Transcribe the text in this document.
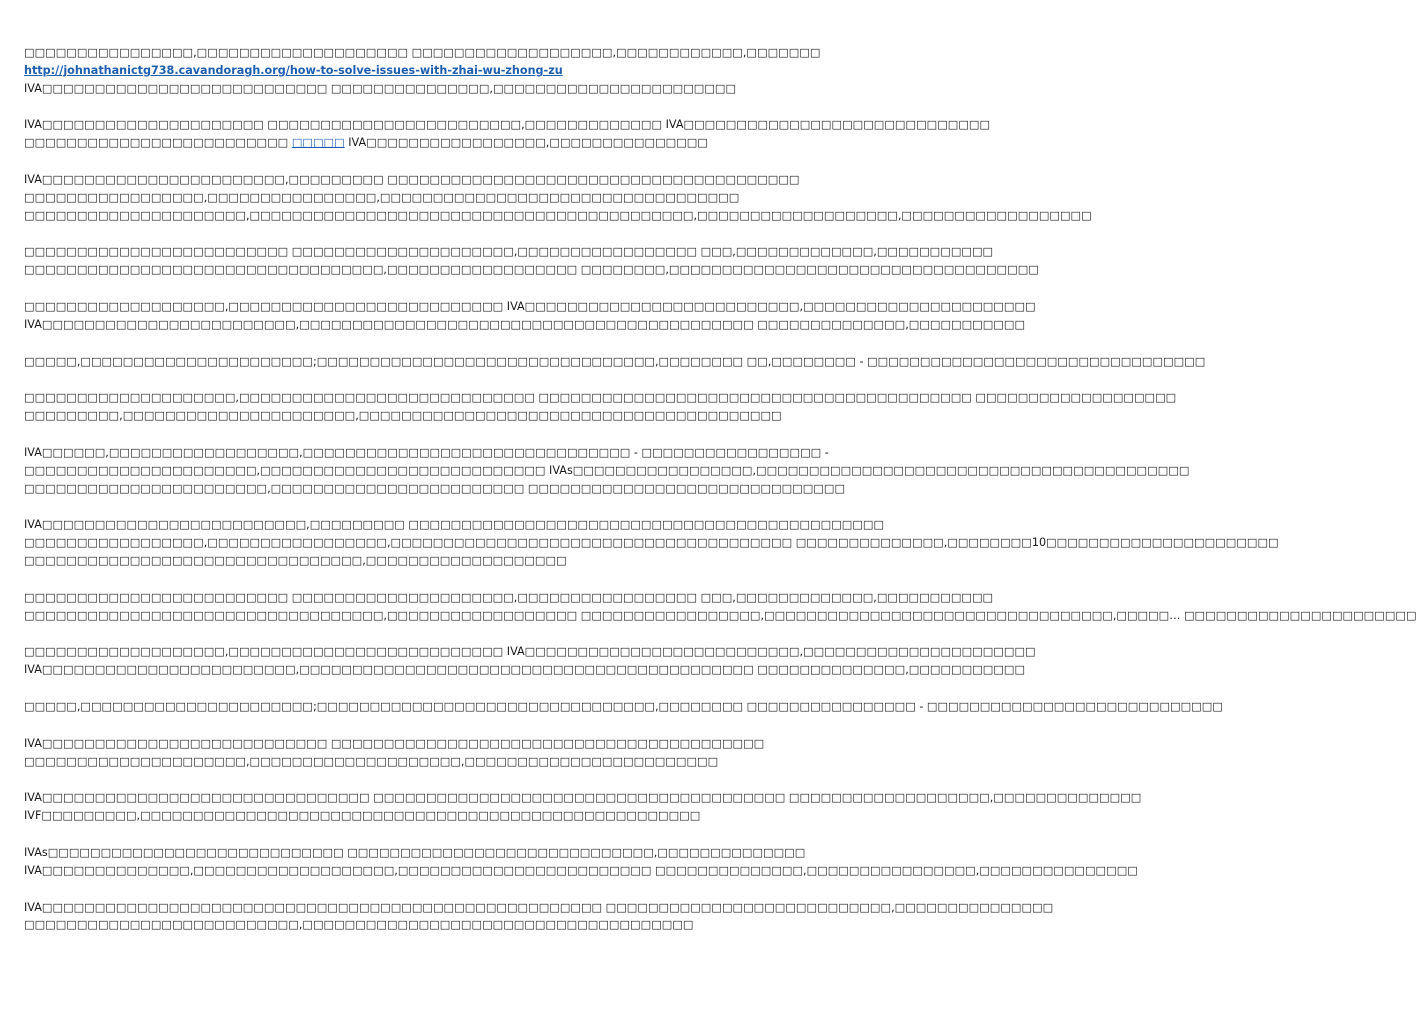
□□□□□□□□□□□□□□□□,□□□□□□□□□□□□□□□□□□□□ □□□□□□□□□□□□□□□□□□□,□□□□□□□□□□□□,□□□□□□□
http://johnathanictg738.cavandoragh.org/how-to-solve-issues-with-zhai-wu-zhong-zu
IVA□□□□□□□□□□□□□□□□□□□□□□□□□□□ □□□□□□□□□□□□□□□,□□□□□□□□□□□□□□□□□□□□□□□
IVA□□□□□□□□□□□□□□□□□□□□□ □□□□□□□□□□□□□□□□□□□□□□□□,□□□□□□□□□□□□□ IVA□□□□□□□□□□□□□□□□□□□□□□□□□□□□□
□□□□□□□□□□□□□□□□□□□□□□□□□ □□□□□ IVA□□□□□□□□□□□□□□□□□,□□□□□□□□□□□□□□□
IVA□□□□□□□□□□□□□□□□□□□□□□□,□□□□□□□□□ □□□□□□□□□□□□□□□□□□□□□□□□□□□□□□□□□□□□□□□
□□□□□□□□□□□□□□□□□,□□□□□□□□□□□□□□□□,□□□□□□□□□□□□□□□□□□□□□□□□□□□□□□□□□□
□□□□□□□□□□□□□□□□□□□□□,□□□□□□□□□□□□□□□□□□□□□□□□□□□□□□□□□□□□□□□□□□,□□□□□□□□□□□□□□□□□□□,□□□□□□□□□□□□□□□□□□
□□□□□□□□□□□□□□□□□□□□□□□□□ □□□□□□□□□□□□□□□□□□□□□,□□□□□□□□□□□□□□□□□ □□□,□□□□□□□□□□□□□,□□□□□□□□□□□
□□□□□□□□□□□□□□□□□□□□□□□□□□□□□□□□□□,□□□□□□□□□□□□□□□□□□ □□□□□□□□,□□□□□□□□□□□□□□□□□□□□□□□□□□□□□□□□□□□
□□□□□□□□□□□□□□□□□□□,□□□□□□□□□□□□□□□□□□□□□□□□□□ IVA□□□□□□□□□□□□□□□□□□□□□□□□□□,□□□□□□□□□□□□□□□□□□□□□□
IVA□□□□□□□□□□□□□□□□□□□□□□□□,□□□□□□□□□□□□□□□□□□□□□□□□□□□□□□□□□□□□□□□□□□□ □□□□□□□□□□□□□□,□□□□□□□□□□□
□□□□□,□□□□□□□□□□□□□□□□□□□□□□;□□□□□□□□□□□□□□□□□□□□□□□□□□□□□□□□,□□□□□□□□ □□,□□□□□□□□ - □□□□□□□□□□□□□□□□□□□□□□□□□□□□□□□□
□□□□□□□□□□□□□□□□□□□□,□□□□□□□□□□□□□□□□□□□□□□□□□□□□ □□□□□□□□□□□□□□□□□□□□□□□□□□□□□□□□□□□□□□□□□ □□□□□□□□□□□□□□□□□□□
□□□□□□□□□,□□□□□□□□□□□□□□□□□□□□□□,□□□□□□□□□□□□□□□□□□□□□□□□□□□□□□□□□□□□□□□□
IVA□□□□□□,□□□□□□□□□□□□□□□□□□,□□□□□□□□□□□□□□□□□□□□□□□□□□□□□□□ - □□□□□□□□□□□□□□□□□ -
□□□□□□□□□□□□□□□□□□□□□□,□□□□□□□□□□□□□□□□□□□□□□□□□□□ IVAs□□□□□□□□□□□□□□□□□,□□□□□□□□□□□□□□□□□□□□□□□□□□□□□□□□□□□□□□□□□
□□□□□□□□□□□□□□□□□□□□□□□,□□□□□□□□□□□□□□□□□□□□□□□□ □□□□□□□□□□□□□□□□□□□□□□□□□□□□□□
IVA□□□□□□□□□□□□□□□□□□□□□□□□□,□□□□□□□□□ □□□□□□□□□□□□□□□□□□□□□□□□□□□□□□□□□□□□□□□□□□□□□
□□□□□□□□□□□□□□□□□,□□□□□□□□□□□□□□□□□,□□□□□□□□□□□□□□□□□□□□□□□□□□□□□□□□□□□□□□ □□□□□□□□□□□□□□,□□□□□□□□10□□□□□□□□□□□□□□□□□□□□□□
□□□□□□□□□□□□□□□□□□□□□□□□□□□□□□□□,□□□□□□□□□□□□□□□□□□□
□□□□□□□□□□□□□□□□□□□□□□□□□ □□□□□□□□□□□□□□□□□□□□□,□□□□□□□□□□□□□□□□□ □□□,□□□□□□□□□□□□□,□□□□□□□□□□□
□□□□□□□□□□□□□□□□□□□□□□□□□□□□□□□□□□,□□□□□□□□□□□□□□□□□□ □□□□□□□□□□□□□□□□□,□□□□□□□□□□□□□□□□□□□□□□□□□□□□□□□□□,□□□□□… □□□□□□□□□□□□□□□□□□□□□□
□□□□□□□□□□□□□□□□□□□,□□□□□□□□□□□□□□□□□□□□□□□□□□ IVA□□□□□□□□□□□□□□□□□□□□□□□□□□,□□□□□□□□□□□□□□□□□□□□□□
IVA□□□□□□□□□□□□□□□□□□□□□□□□,□□□□□□□□□□□□□□□□□□□□□□□□□□□□□□□□□□□□□□□□□□□ □□□□□□□□□□□□□□,□□□□□□□□□□□
□□□□□,□□□□□□□□□□□□□□□□□□□□□□;□□□□□□□□□□□□□□□□□□□□□□□□□□□□□□□□,□□□□□□□□ □□□□□□□□□□□□□□□□ - □□□□□□□□□□□□□□□□□□□□□□□□□□□□
IVA□□□□□□□□□□□□□□□□□□□□□□□□□□□ □□□□□□□□□□□□□□□□□□□□□□□□□□□□□□□□□□□□□□□□□
□□□□□□□□□□□□□□□□□□□□□,□□□□□□□□□□□□□□□□□□□□,□□□□□□□□□□□□□□□□□□□□□□□□
IVA□□□□□□□□□□□□□□□□□□□□□□□□□□□□□□□ □□□□□□□□□□□□□□□□□□□□□□□□□□□□□□□□□□□□□□□ □□□□□□□□□□□□□□□□□□□,□□□□□□□□□□□□□□
IVF□□□□□□□□□,□□□□□□□□□□□□□□□□□□□□□□□□□□□□□□□□□□□□□□□□□□□□□□□□□□□□□
IVAs□□□□□□□□□□□□□□□□□□□□□□□□□□□□ □□□□□□□□□□□□□□□□□□□□□□□□□□□□□,□□□□□□□□□□□□□□
IVA□□□□□□□□□□□□□□,□□□□□□□□□□□□□□□□□□□,□□□□□□□□□□□□□□□□□□□□□□□□ □□□□□□□□□□□□□□,□□□□□□□□□□□□□□□□,□□□□□□□□□□□□□□□
IVA□□□□□□□□□□□□□□□□□□□□□□□□□□□□□□□□□□□□□□□□□□□□□□□□□□□□□ □□□□□□□□□□□□□□□□□□□□□□□□□□□,□□□□□□□□□□□□□□□
□□□□□□□□□□□□□□□□□□□□□□□□□□,□□□□□□□□□□□□□□□□□□□□□□□□□□□□□□□□□□□□□
